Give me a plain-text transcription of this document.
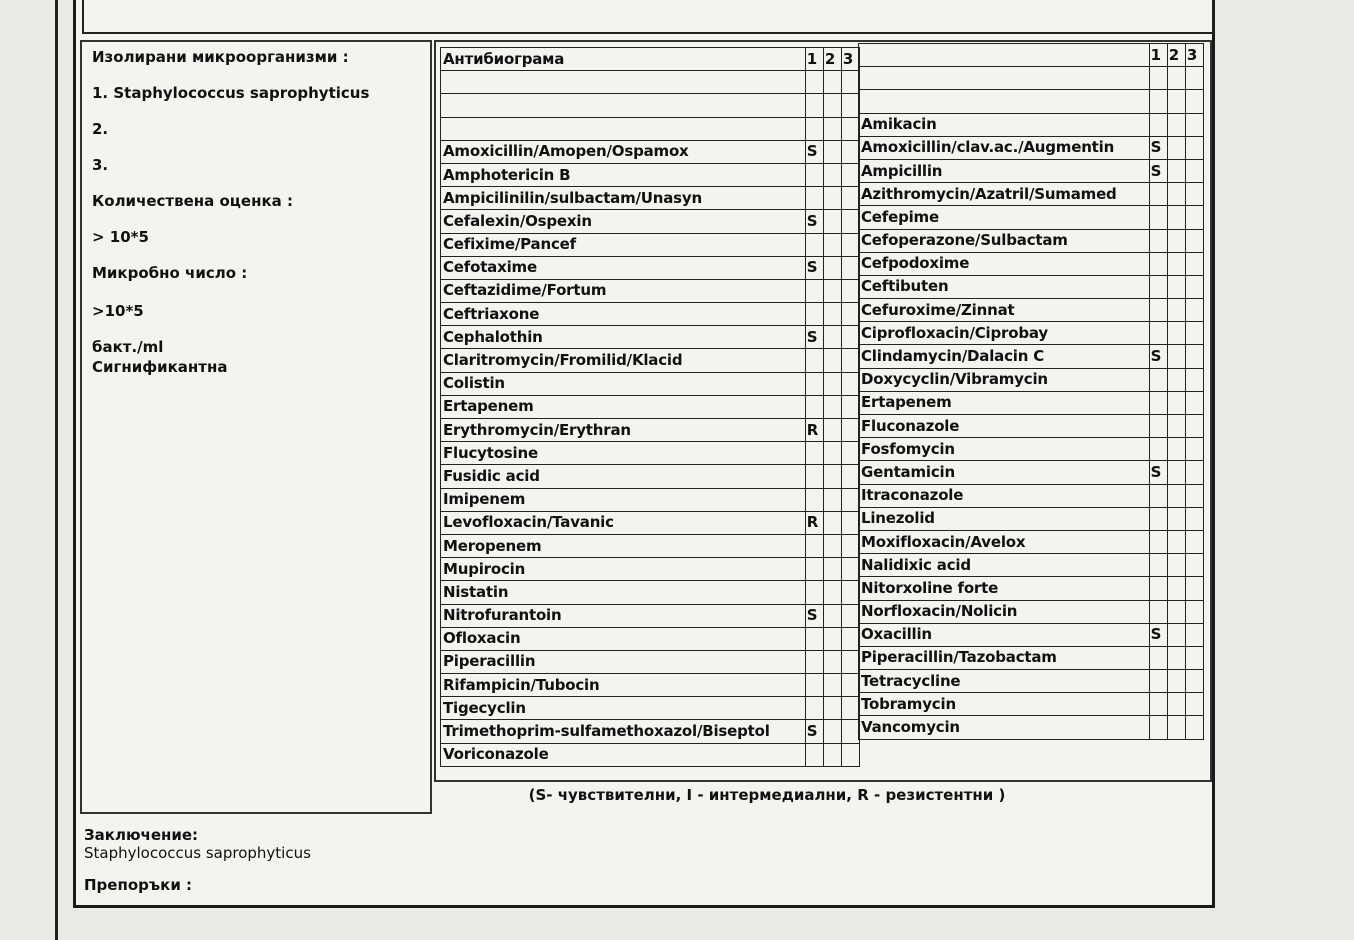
Изолирани микроорганизми :
1. Staphylococcus saprophyticus
2.
3.
Количествена оценка :
> 10*5
Микробно число :
>10*5
бакт./ml
Сигнификантна
Антибиограма	1	2	3

Amoxicillin/Amopen/Ospamox	S		
Amphotericin B			
Ampicilinilin/sulbactam/Unasyn			
Cefalexin/Ospexin	S		
Cefixime/Pancef			
Cefotaxime	S		
Ceftazidime/Fortum			
Ceftriaxone			
Cephalothin	S		
Claritromycin/Fromilid/Klacid			
Colistin			
Ertapenem			
Erythromycin/Erythran	R		
Flucytosine			
Fusidic acid			
Imipenem			
Levofloxacin/Tavanic	R		
Meropenem			
Mupirocin			
Nistatin			
Nitrofurantoin	S		
Ofloxacin			
Piperacillin			
Rifampicin/Tubocin			
Tigecyclin			
Trimethoprim-sulfamethoxazol/Biseptol	S		
Voriconazole			
	1	2	3

Amikacin			
Amoxicillin/clav.ac./Augmentin	S		
Ampicillin	S		
Azithromycin/Azatril/Sumamed			
Cefepime			
Cefoperazone/Sulbactam			
Cefpodoxime			
Ceftibuten			
Cefuroxime/Zinnat			
Ciprofloxacin/Ciprobay			
Clindamycin/Dalacin C	S		
Doxycyclin/Vibramycin			
Ertapenem			
Fluconazole			
Fosfomycin			
Gentamicin	S		
Itraconazole			
Linezolid			
Moxifloxacin/Avelox			
Nalidixic acid			
Nitorxoline forte			
Norfloxacin/Nolicin			
Oxacillin	S		
Piperacillin/Tazobactam			
Tetracycline			
Tobramycin			
Vancomycin			
(S- чувствителни, I - интермедиални, R - резистентни )
Заключение:
Staphylococcus saprophyticus
Препоръки :
